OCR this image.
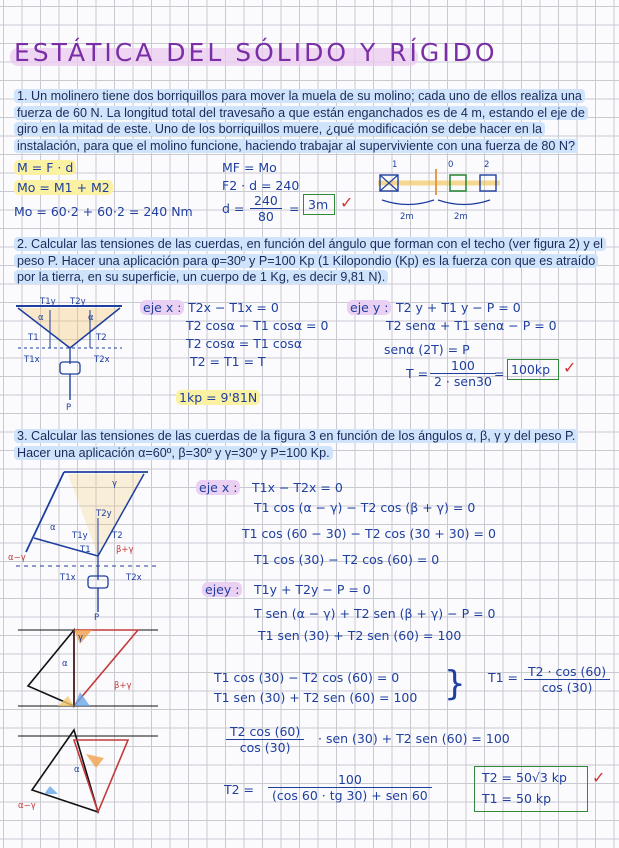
ESTÁTICA DEL SÓLIDO Y RÍGIDO
1. Un molinero tiene dos borriquillos para mover la muela de su molino; cada uno de ellos realiza una fuerza de 60 N. La longitud total del travesaño a que están enganchados es de 4 m, estando el eje de giro en la mitad de este. Uno de los borriquillos muere, ¿qué modificación se debe hacer en la instalación, para que el molino funcione, haciendo trabajar al superviviente con una fuerza de 80 N?
M = F · d
Mo = M1 + M2
Mo = 60·2 + 60·2 = 240 Nm
MF = Mo
F2 · d = 240
$d = \frac{240}{80} = 3m$ ✓
1	0	2
2m	2m
2. Calcular las tensiones de las cuerdas, en función del ángulo que forman con el techo (ver figura 2) y el peso P. Hacer una aplicación para φ=30º y P=100 Kp (1 Kilopondio (Kp) es la fuerza con que es atraído por la tierra, en su superficie, un cuerpo de 1 Kg, es decir 9,81 N).
T1y T2y
α	α
T1	T2
T1x	T2x
P
eje x : T2x − T1x = 0
T2 cosα − T1 cosα = 0
T2 cosα = T1 cosα
T2 = T1 = T
eje y : T2 y + T1 y − P = 0
T2 senα + T1 senα − P = 0
senα (2T) = P
T =
100
2 · sen30
= 100kp ✓
1kp = 9'81N
3. Calcular las tensiones de las cuerdas de la figura 3 en función de los ángulos α, β, γ y del peso P. Hacer una aplicación α=60º, β=30º y γ=30º y P=100 Kp.
γ
T2y
α
T1y
T1
T2
β+γ
α−γ
T1x	T2x
P
γ
α
β+γ
α
α−γ
eje x : T1x − T2x = 0
T1 cos (α − γ) − T2 cos (β + γ) = 0
T1 cos (60 − 30) − T2 cos (30 + 30) = 0
T1 cos (30) − T2 cos (60) = 0
ejey : T1y + T2y − P = 0
T sen (α − γ) + T2 sen (β + γ) − P = 0
T1 sen (30) + T2 sen (60) = 100
T1 cos (30) − T2 cos (60) = 0
T1 sen (30) + T2 sen (60) = 100 } $T1 = \frac{T2 \cdot \cos (60)}{\cos (30)}$
$\frac{T2 \cos (60)}{\cos (30)}$ · sen (30) + T2 sen (60) = 100
T2 =
100
(cos 60 · tg 30) + sen 60
T2 = 50√3 kp
T1 = 50 kp
✓
